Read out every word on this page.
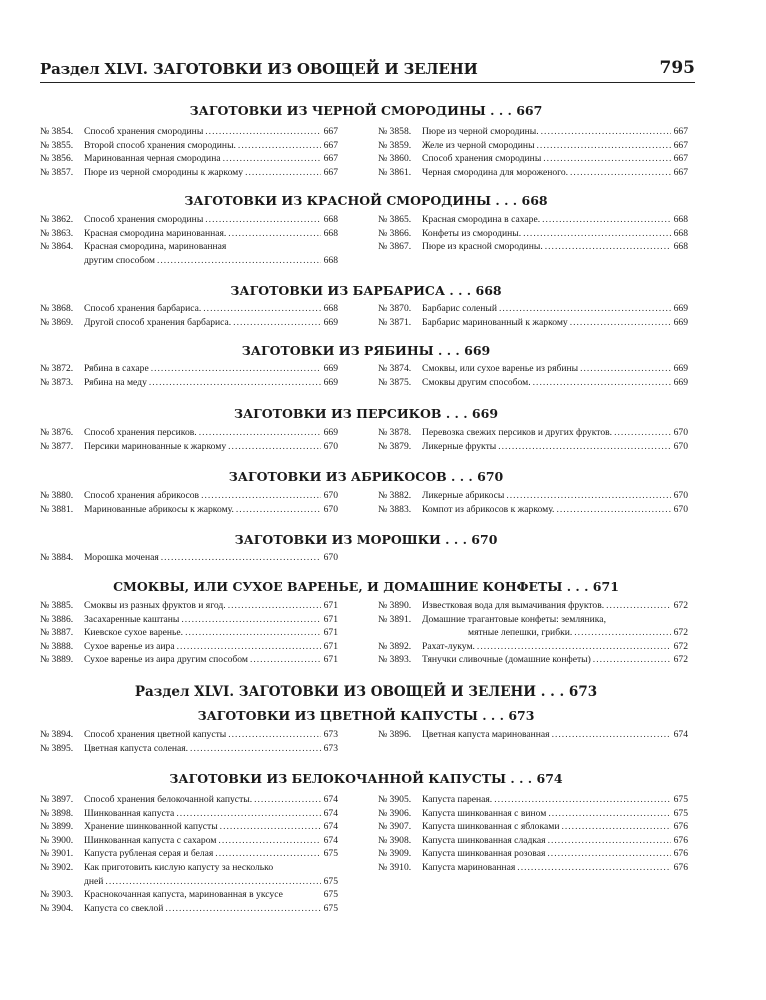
Раздел XLVI. ЗАГОТОВКИ ИЗ ОВОЩЕЙ И ЗЕЛЕНИ	795
Раздел XLVI. ЗАГОТОВКИ ИЗ ОВОЩЕЙ И ЗЕЛЕНИ . . . 673
ЗАГОТОВКИ ИЗ ЧЕРНОЙ СМОРОДИНЫ . . . 667
№ 3854.	Способ хранения смородины .....	667
№ 3855.	Второй способ хранения смородины. .....	667
№ 3856.	Маринованная черная смородина .....	667
№ 3857.	Пюре из черной смородины к жаркому .....	667
№ 3858.	Пюре из черной смородины. .....	667
№ 3859.	Желе из черной смородины .....	667
№ 3860.	Способ хранения смородины .....	667
№ 3861.	Черная смородина для мороженого. .....	667
ЗАГОТОВКИ ИЗ КРАСНОЙ СМОРОДИНЫ . . . 668
№ 3862.	Способ хранения смородины .....	668
№ 3863.	Красная смородина маринованная. .....	668
№ 3864.	Красная смородина, маринованная
другим способом .....	668
№ 3865.	Красная смородина в сахаре. .....	668
№ 3866.	Конфеты из смородины. .....	668
№ 3867.	Пюре из красной смородины. .....	668
ЗАГОТОВКИ ИЗ БАРБАРИСА . . . 668
№ 3868.	Способ хранения барбариса. .....	668
№ 3869.	Другой способ хранения барбариса. .....	669
№ 3870.	Барбарис соленый .....	669
№ 3871.	Барбарис маринованный к жаркому .....	669
ЗАГОТОВКИ ИЗ РЯБИНЫ . . . 669
№ 3872.	Рябина в сахаре .....	669
№ 3873.	Рябина на меду .....	669
№ 3874.	Смоквы, или сухое варенье из рябины .....	669
№ 3875.	Смоквы другим способом. .....	669
ЗАГОТОВКИ ИЗ ПЕРСИКОВ . . . 669
№ 3876.	Способ хранения персиков. .....	669
№ 3877.	Персики маринованные к жаркому .....	670
№ 3878.	Перевозка свежих персиков и других фруктов. .....	670
№ 3879.	Ликерные фрукты .....	670
ЗАГОТОВКИ ИЗ АБРИКОСОВ . . . 670
№ 3880.	Способ хранения абрикосов .....	670
№ 3881.	Маринованные абрикосы к жаркому. .....	670
№ 3882.	Ликерные абрикосы .....	670
№ 3883.	Компот из абрикосов к жаркому. .....	670
ЗАГОТОВКИ ИЗ МОРОШКИ . . . 670
№ 3884.	Морошка моченая .....	670
СМОКВЫ, ИЛИ СУХОЕ ВАРЕНЬЕ, И ДОМАШНИЕ КОНФЕТЫ . . . 671
№ 3885.	Смоквы из разных фруктов и ягод. .....	671
№ 3886.	Засахаренные каштаны .....	671
№ 3887.	Киевское сухое варенье. .....	671
№ 3888.	Сухое варенье из аира .....	671
№ 3889.	Сухое варенье из аира другим способом .....	671
№ 3890.	Известковая вода для вымачивания фруктов. .....	672
№ 3891.	Домашние трагантовые конфеты: земляника,
мятные лепешки, грибки. .....	672
№ 3892.	Рахат-лукум. .....	672
№ 3893.	Тянучки сливочные (домашние конфеты) .....	672
ЗАГОТОВКИ ИЗ ЦВЕТНОЙ КАПУСТЫ . . . 673
№ 3894.	Способ хранения цветной капусты .....	673
№ 3895.	Цветная капуста соленая. .....	673
№ 3896.	Цветная капуста маринованная .....	674
ЗАГОТОВКИ ИЗ БЕЛОКОЧАННОЙ КАПУСТЫ . . . 674
№ 3897.	Способ хранения белокочанной капусты. .....	674
№ 3898.	Шинкованная капуста .....	674
№ 3899.	Хранение шинкованной капусты .....	674
№ 3900.	Шинкованная капуста с сахаром .....	674
№ 3901.	Капуста рубленая серая и белая .....	675
№ 3902.	Как приготовить кислую капусту за несколько
дней .....	675
№ 3903.	Краснокочанная капуста, маринованная в уксусе	675
№ 3904.	Капуста со свеклой .....	675
№ 3905.	Капуста пареная. .....	675
№ 3906.	Капуста шинкованная с вином .....	675
№ 3907.	Капуста шинкованная с яблоками .....	676
№ 3908.	Капуста шинкованная сладкая .....	676
№ 3909.	Капуста шинкованная розовая .....	676
№ 3910.	Капуста маринованная .....	676
